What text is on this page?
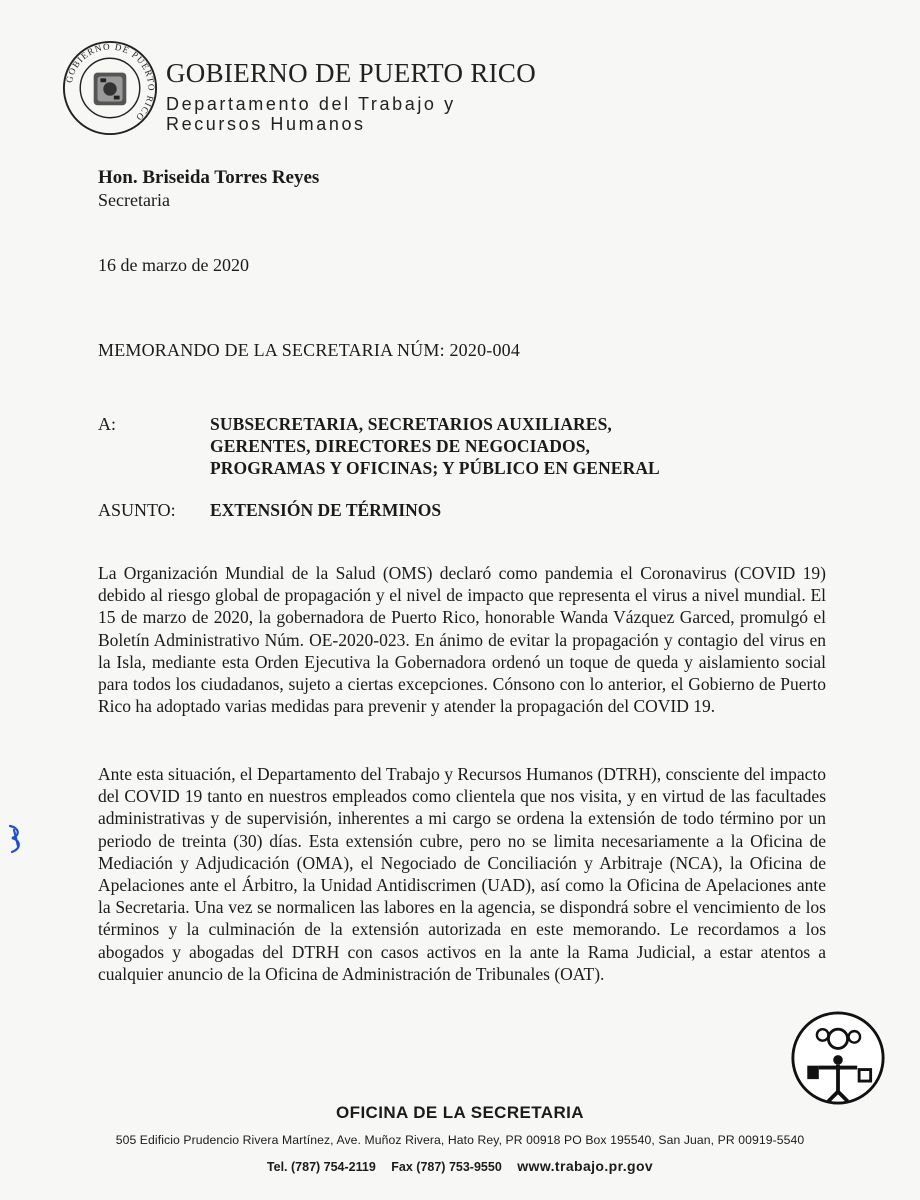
GOBIERNO DE PUERTO RICO
GOBIERNO DE PUERTO RICO
Departamento del Trabajo y
Recursos Humanos
Hon. Briseida Torres Reyes
Secretaria
16 de marzo de 2020
MEMORANDO DE LA SECRETARIA NÚM: 2020-004
A:	SUBSECRETARIA, SECRETARIOS AUXILIARES,
GERENTES, DIRECTORES DE NEGOCIADOS,
PROGRAMAS Y OFICINAS; Y PÚBLICO EN GENERAL
ASUNTO: EXTENSIÓN DE TÉRMINOS

La Organización Mundial de la Salud (OMS) declaró como pandemia el Coronavirus (COVID 19) debido al riesgo global de propagación y el nivel de impacto que representa el virus a nivel mundial. El 15 de marzo de 2020, la gobernadora de Puerto Rico, honorable Wanda Vázquez Garced, promulgó el Boletín Administrativo Núm. OE-2020-023. En ánimo de evitar la propagación y contagio del virus en la Isla, mediante esta Orden Ejecutiva la Gobernadora ordenó un toque de queda y aislamiento social para todos los ciudadanos, sujeto a ciertas excepciones. Cónsono con lo anterior, el Gobierno de Puerto Rico ha adoptado varias medidas para prevenir y atender la propagación del COVID 19.

Ante esta situación, el Departamento del Trabajo y Recursos Humanos (DTRH), consciente del impacto del COVID 19 tanto en nuestros empleados como clientela que nos visita, y en virtud de las facultades administrativas y de supervisión, inherentes a mi cargo se ordena la extensión de todo término por un periodo de treinta (30) días. Esta extensión cubre, pero no se limita necesariamente a la Oficina de Mediación y Adjudicación (OMA), el Negociado de Conciliación y Arbitraje (NCA), la Oficina de Apelaciones ante el Árbitro, la Unidad Antidiscrimen (UAD), así como la Oficina de Apelaciones ante la Secretaria. Una vez se normalicen las labores en la agencia, se dispondrá sobre el vencimiento de los términos y la culminación de la extensión autorizada en este memorando. Le recordamos a los abogados y abogadas del DTRH con casos activos en la ante la Rama Judicial, a estar atentos a cualquier anuncio de la Oficina de Administración de Tribunales (OAT).

OFICINA DE LA SECRETARIA
505 Edificio Prudencio Rivera Martínez, Ave. Muñoz Rivera, Hato Rey, PR 00918 PO Box 195540, San Juan, PR 00919-5540
Tel. (787) 754-2119 Fax (787) 753-9550 www.trabajo.pr.gov
